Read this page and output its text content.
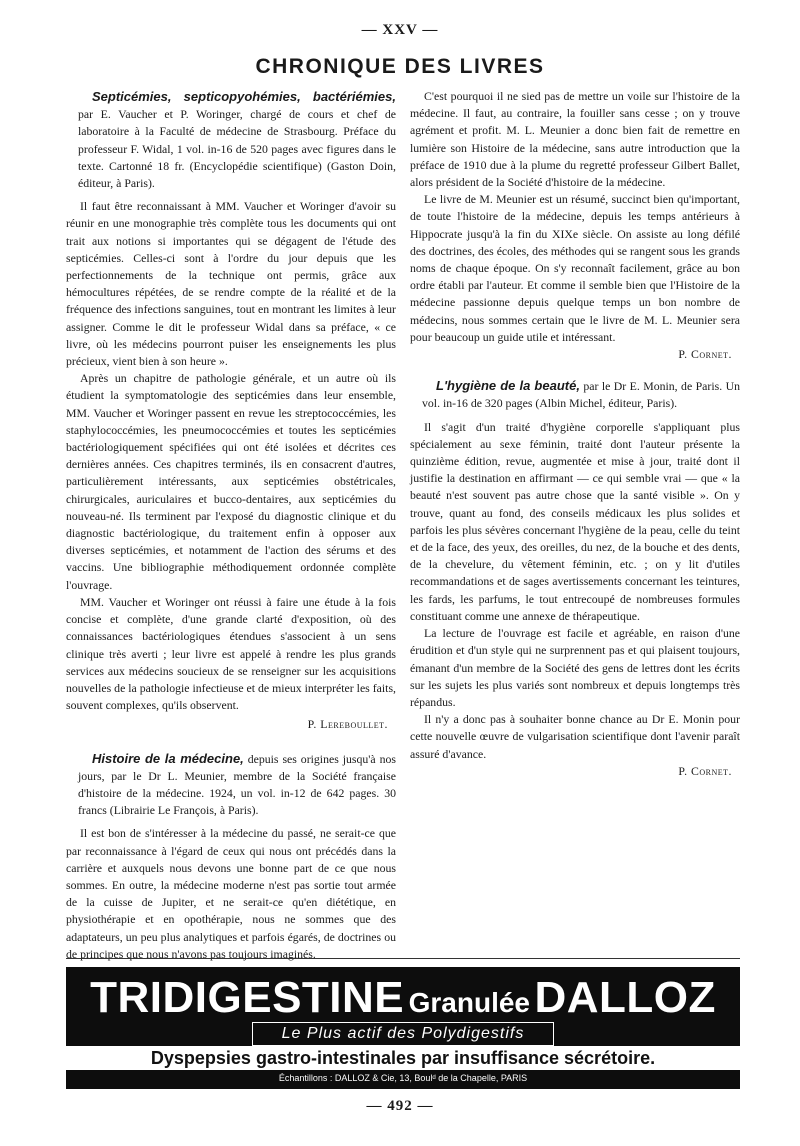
— XXV —
CHRONIQUE DES LIVRES

Septicémies, septicopyohémies, bactériémies, par E. Vaucher et P. Woringer, chargé de cours et chef de laboratoire à la Faculté de médecine de Strasbourg. Préface du professeur F. Widal, 1 vol. in-16 de 520 pages avec figures dans le texte. Cartonné 18 fr. (Encyclopédie scientifique) (Gaston Doin, éditeur, à Paris).

Il faut être reconnaissant à MM. Vaucher et Woringer d'avoir su réunir en une monographie très complète tous les documents qui ont trait aux notions si importantes qui se dégagent de l'étude des septicémies. Celles-ci sont à l'ordre du jour depuis que les perfectionnements de la technique ont permis, grâce aux hémocultures répétées, de se rendre compte de la réalité et de la fréquence des infections sanguines, tout en montrant les limites à leur assigner. Comme le dit le professeur Widal dans sa préface, « ce livre, où les médecins pourront puiser les enseignements les plus précieux, vient bien à son heure ».

Après un chapitre de pathologie générale, et un autre où ils étudient la symptomatologie des septicémies dans leur ensemble, MM. Vaucher et Woringer passent en revue les streptococcémies, les staphylococcémies, les pneumococcémies et toutes les septicémies bactériologiquement spécifiées qui ont été isolées et décrites ces dernières années. Ces chapitres terminés, ils en consacrent d'autres, particulièrement intéressants, aux septicémies obstétricales, chirurgicales, auriculaires et bucco-dentaires, aux septicémies du nouveau-né. Ils terminent par l'exposé du diagnostic clinique et du diagnostic bactériologique, du traitement enfin à opposer aux diverses septicémies, et notamment de l'action des sérums et des vaccins. Une bibliographie méthodiquement ordonnée complète l'ouvrage.

MM. Vaucher et Woringer ont réussi à faire une étude à la fois concise et complète, d'une grande clarté d'exposition, où des connaissances bactériologiques étendues s'associent à un sens clinique très averti ; leur livre est appelé à rendre les plus grands services aux médecins soucieux de se renseigner sur les acquisitions nouvelles de la pathologie infectieuse et de mieux interpréter les faits, souvent complexes, qu'ils observent.

P. Lereboullet.

Histoire de la médecine, depuis ses origines jusqu'à nos jours, par le Dr L. Meunier, membre de la Société française d'histoire de la médecine. 1924, un vol. in-12 de 642 pages. 30 francs (Librairie Le François, à Paris).

Il est bon de s'intéresser à la médecine du passé, ne serait-ce que par reconnaissance à l'égard de ceux qui nous ont précédés dans la carrière et auxquels nous devons une bonne part de ce que nous sommes. En outre, la médecine moderne n'est pas sortie tout armée de la cuisse de Jupiter, et ne serait-ce qu'en diététique, en physiothérapie et en opothérapie, nous ne sommes que des adaptateurs, un peu plus analytiques et parfois égarés, de doctrines ou de principes que nous n'avons pas toujours imaginés.

C'est pourquoi il ne sied pas de mettre un voile sur l'histoire de la médecine. Il faut, au contraire, la fouiller sans cesse ; on y trouve agrément et profit. M. L. Meunier a donc bien fait de remettre en lumière son Histoire de la médecine, sans autre introduction que la préface de 1910 due à la plume du regretté professeur Gilbert Ballet, alors président de la Société d'histoire de la médecine.

Le livre de M. Meunier est un résumé, succinct bien qu'important, de toute l'histoire de la médecine, depuis les temps antérieurs à Hippocrate jusqu'à la fin du XIXe siècle. On assiste au long défilé des doctrines, des écoles, des méthodes qui se rangent sous les grands noms de chaque époque. On s'y reconnaît facilement, grâce au bon ordre établi par l'auteur. Et comme il semble bien que l'Histoire de la médecine passionne depuis quelque temps un bon nombre de médecins, nous sommes certain que le livre de M. L. Meunier sera pour beaucoup un guide utile et intéressant.

P. Cornet.

L'hygiène de la beauté, par le Dr E. Monin, de Paris. Un vol. in-16 de 320 pages (Albin Michel, éditeur, Paris).

Il s'agit d'un traité d'hygiène corporelle s'appliquant plus spécialement au sexe féminin, traité dont l'auteur présente la quinzième édition, revue, augmentée et mise à jour, traité dont il justifie la destination en affirmant — ce qui semble vrai — que « la beauté n'est souvent pas autre chose que la santé visible ». On y trouve, quant au fond, des conseils médicaux les plus solides et parfois les plus sévères concernant l'hygiène de la peau, celle du teint et de la face, des yeux, des oreilles, du nez, de la bouche et des dents, de la chevelure, du vêtement féminin, etc. ; on y lit d'utiles recommandations et de sages avertissements concernant les teintures, les fards, les parfums, le tout entrecoupé de nombreuses formules constituant comme une annexe de thérapeutique.

La lecture de l'ouvrage est facile et agréable, en raison d'une érudition et d'un style qui ne surprennent pas et qui plaisent toujours, émanant d'un membre de la Société des gens de lettres dont les écrits sur les sujets les plus variés sont nombreux et depuis longtemps très répandus.

Il n'y a donc pas à souhaiter bonne chance au Dr E. Monin pour cette nouvelle œuvre de vulgarisation scientifique dont l'avenir paraît assuré d'avance.

P. Cornet.

TRIDIGESTINE Granulée DALLOZ
Le Plus actif des Polydigestifs
Dyspepsies gastro-intestinales par insuffisance sécrétoire.
Échantillons : DALLOZ & Cie, 13, Boulᵈ de la Chapelle, PARIS
— 492 —
